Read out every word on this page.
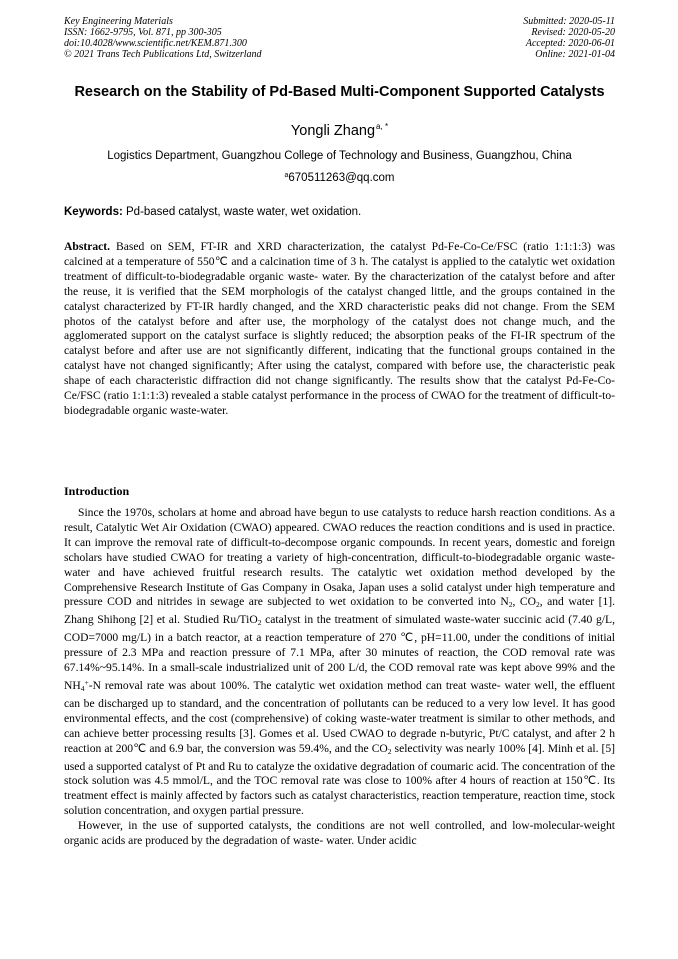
Key Engineering Materials
ISSN: 1662-9795, Vol. 871, pp 300-305
doi:10.4028/www.scientific.net/KEM.871.300
© 2021 Trans Tech Publications Ltd, Switzerland
Submitted: 2020-05-11
Revised: 2020-05-20
Accepted: 2020-06-01
Online: 2021-01-04
Research on the Stability of Pd-Based Multi-Component Supported Catalysts
Yongli Zhang$^{a, *}$
Logistics Department, Guangzhou College of Technology and Business, Guangzhou, China
$^a$670511263@qq.com
Keywords: Pd-based catalyst, waste water, wet oxidation.
Abstract. Based on SEM, FT-IR and XRD characterization, the catalyst Pd-Fe-Co-Ce/FSC (ratio 1:1:1:3) was calcined at a temperature of 550℃ and a calcination time of 3 h. The catalyst is applied to the catalytic wet oxidation treatment of difficult-to-biodegradable organic waste- water. By the characterization of the catalyst before and after the reuse, it is verified that the SEM morphologis of the catalyst changed little, and the groups contained in the catalyst characterized by FT-IR hardly changed, and the XRD characteristic peaks did not change. From the SEM photos of the catalyst before and after use, the morphology of the catalyst does not change much, and the agglomerated support on the catalyst surface is slightly reduced; the absorption peaks of the FI-IR spectrum of the catalyst before and after use are not significantly different, indicating that the functional groups contained in the catalyst have not changed significantly; After using the catalyst, compared with before use, the characteristic peak shape of each characteristic diffraction did not change significantly. The results show that the catalyst Pd-Fe-Co-Ce/FSC (ratio 1:1:1:3) revealed a stable catalyst performance in the process of CWAO for the treatment of difficult-to-biodegradable organic waste-water.
Introduction

Since the 1970s, scholars at home and abroad have begun to use catalysts to reduce harsh reaction conditions. As a result, Catalytic Wet Air Oxidation (CWAO) appeared. CWAO reduces the reaction conditions and is used in practice. It can improve the removal rate of difficult-to-decompose organic compounds. In recent years, domestic and foreign scholars have studied CWAO for treating a variety of high-concentration, difficult-to-biodegradable organic waste- water and have achieved fruitful research results. The catalytic wet oxidation method developed by the Comprehensive Research Institute of Gas Company in Osaka, Japan uses a solid catalyst under high temperature and pressure COD and nitrides in sewage are subjected to wet oxidation to be converted into $N_2$, $CO_2$, and water [1]. Zhang Shihong [2] et al. Studied Ru/TiO$_2$ catalyst in the treatment of simulated waste-water succinic acid (7.40 g/L, COD=7000 mg/L) in a batch reactor, at a reaction temperature of 270 ℃, pH=11.00, under the conditions of initial pressure of 2.3 MPa and reaction pressure of 7.1 MPa, after 30 minutes of reaction, the COD removal rate was 67.14%~95.14%. In a small-scale industrialized unit of 200 L/d, the COD removal rate was kept above 99% and the $NH_4^+-N$ removal rate was about 100%. The catalytic wet oxidation method can treat waste- water well, the effluent can be discharged up to standard, and the concentration of pollutants can be reduced to a very low level. It has good environmental effects, and the cost (comprehensive) of coking waste-water treatment is similar to other methods, and can achieve better processing results [3]. Gomes et al. Used CWAO to degrade n-butyric, Pt/C catalyst, and after 2 h reaction at 200℃ and 6.9 bar, the conversion was 59.4%, and the $CO_2$ selectivity was nearly 100% [4]. Minh et al. [5] used a supported catalyst of Pt and Ru to catalyze the oxidative degradation of coumaric acid. The concentration of the stock solution was 4.5 mmol/L, and the TOC removal rate was close to 100% after 4 hours of reaction at 150℃. Its treatment effect is mainly affected by factors such as catalyst characteristics, reaction temperature, reaction time, stock solution concentration, and oxygen partial pressure.

However, in the use of supported catalysts, the conditions are not well controlled, and low-molecular-weight organic acids are produced by the degradation of waste- water. Under acidic
